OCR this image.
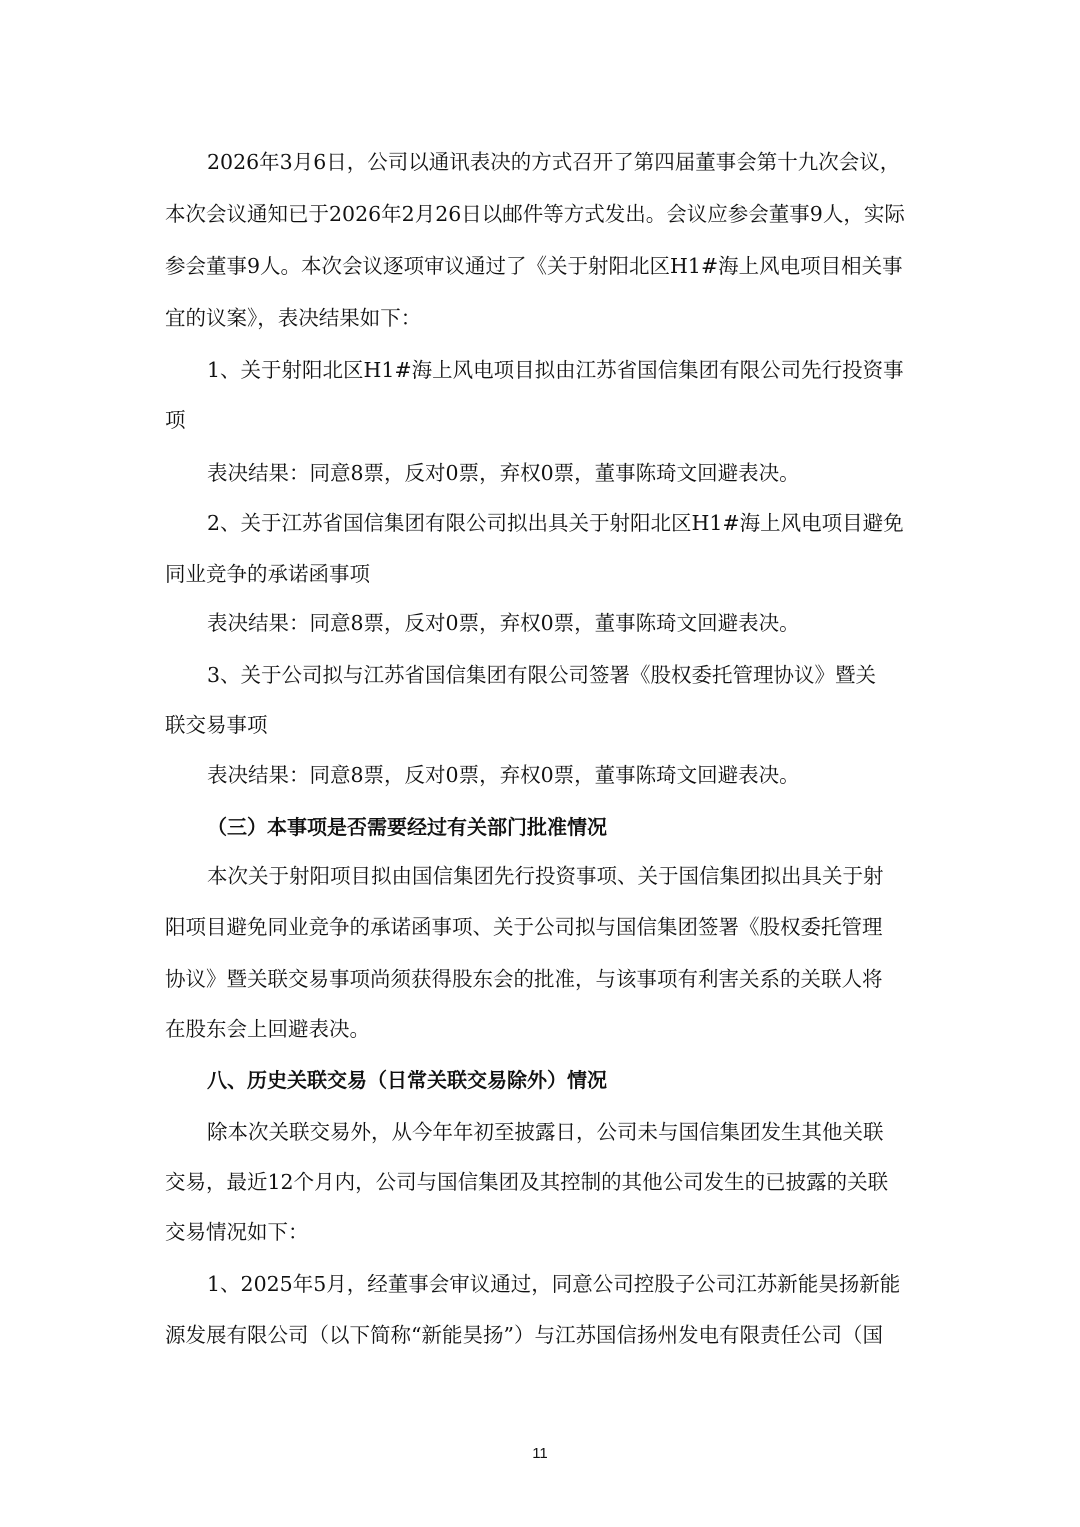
2026年3月6日，公司以通讯表决的方式召开了第四届董事会第十九次会议，
本次会议通知已于2026年2月26日以邮件等方式发出。会议应参会董事9人，实际
参会董事9人。本次会议逐项审议通过了《关于射阳北区H1#海上风电项目相关事
宜的议案》，表决结果如下：
1、关于射阳北区H1#海上风电项目拟由江苏省国信集团有限公司先行投资事
项
表决结果：同意8票，反对0票，弃权0票，董事陈琦文回避表决。
2、关于江苏省国信集团有限公司拟出具关于射阳北区H1#海上风电项目避免
同业竞争的承诺函事项
表决结果：同意8票，反对0票，弃权0票，董事陈琦文回避表决。
3、关于公司拟与江苏省国信集团有限公司签署《股权委托管理协议》暨关
联交易事项
表决结果：同意8票，反对0票，弃权0票，董事陈琦文回避表决。
（三）本事项是否需要经过有关部门批准情况
本次关于射阳项目拟由国信集团先行投资事项、关于国信集团拟出具关于射
阳项目避免同业竞争的承诺函事项、关于公司拟与国信集团签署《股权委托管理
协议》暨关联交易事项尚须获得股东会的批准，与该事项有利害关系的关联人将
在股东会上回避表决。
八、历史关联交易（日常关联交易除外）情况
除本次关联交易外，从今年年初至披露日，公司未与国信集团发生其他关联
交易，最近12个月内，公司与国信集团及其控制的其他公司发生的已披露的关联
交易情况如下：
1、2025年5月，经董事会审议通过，同意公司控股子公司江苏新能昊扬新能
源发展有限公司（以下简称“新能昊扬”）与江苏国信扬州发电有限责任公司（国
11
